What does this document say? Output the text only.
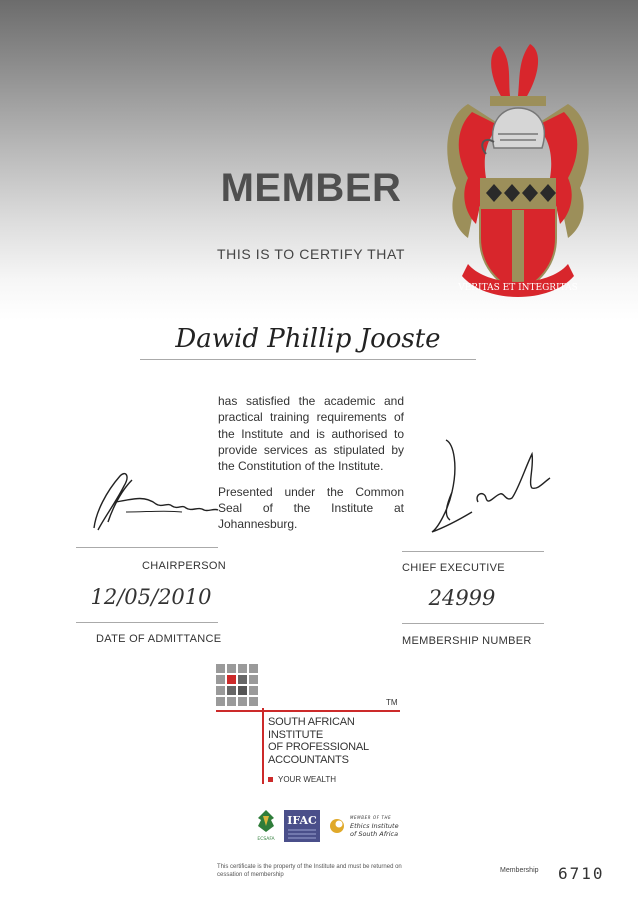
MEMBER
THIS IS TO CERTIFY THAT
VERITAS ET INTEGRITAS
Dawid Phillip Jooste
has satisfied the academic and practical training requirements of the Institute and is authorised to provide services as stipulated by the Constitution of the Institute.
Presented under the Common Seal of the Institute at Johannesburg.
CHAIRPERSON	CHIEF EXECUTIVE
12/05/2010	24999
DATE OF ADMITTANCE	MEMBERSHIP NUMBER
TM
SOUTH AFRICAN INSTITUTE
OF PROFESSIONAL
ACCOUNTANTS
YOUR WEALTH
ECSAFA
IFAC	MEMBER OF THE
Ethics Institute
of South Africa
This certificate is the property of the Institute and must be returned on cessation of membership
Membership 6710
